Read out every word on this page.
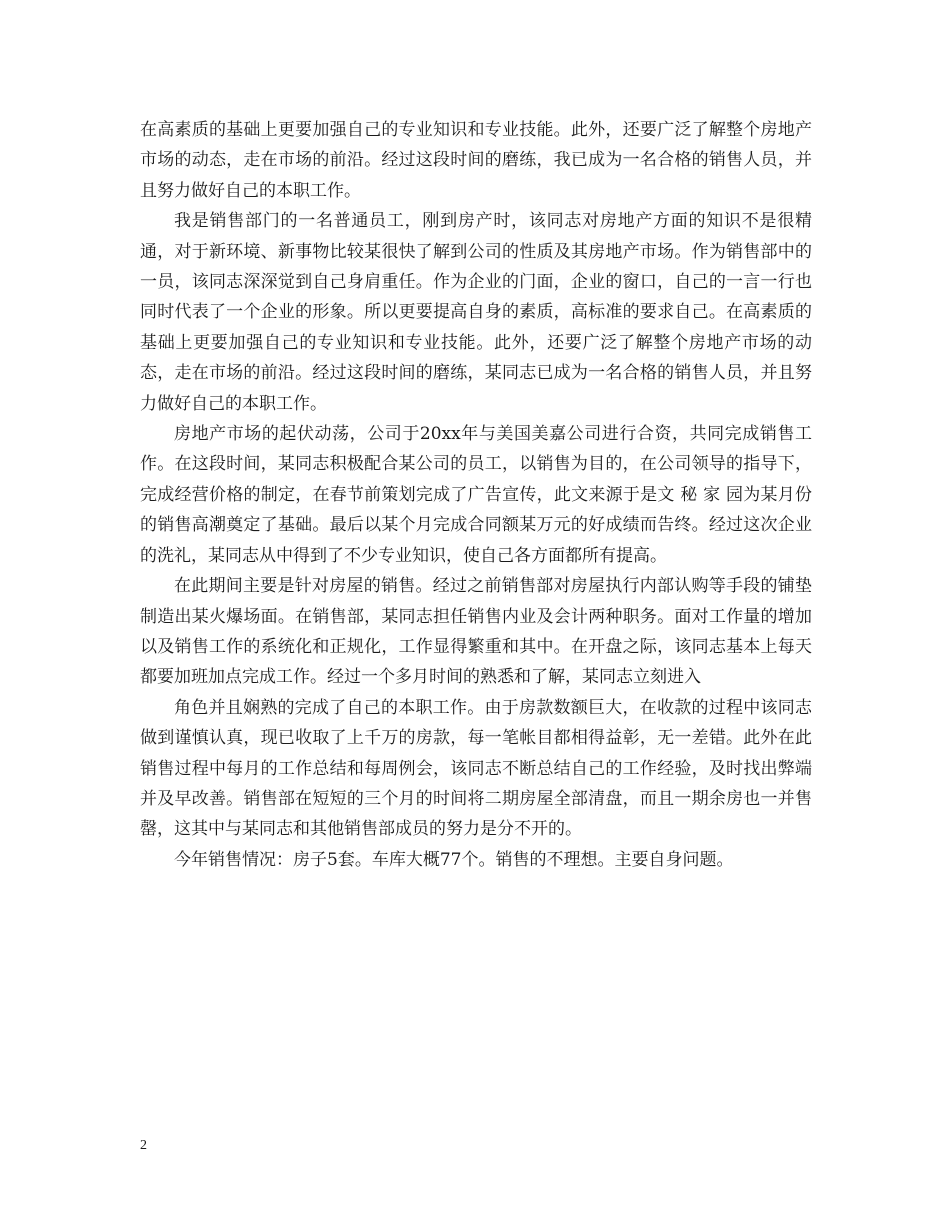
在高素质的基础上更要加强自己的专业知识和专业技能。此外，还要广泛了解整个房地产市场的动态，走在市场的前沿。经过这段时间的磨练，我已成为一名合格的销售人员，并且努力做好自己的本职工作。

我是销售部门的一名普通员工，刚到房产时，该同志对房地产方面的知识不是很精通，对于新环境、新事物比较某很快了解到公司的性质及其房地产市场。作为销售部中的一员，该同志深深觉到自己身肩重任。作为企业的门面，企业的窗口，自己的一言一行也同时代表了一个企业的形象。所以更要提高自身的素质，高标准的要求自己。在高素质的基础上更要加强自己的专业知识和专业技能。此外，还要广泛了解整个房地产市场的动态，走在市场的前沿。经过这段时间的磨练，某同志已成为一名合格的销售人员，并且努力做好自己的本职工作。

房地产市场的起伏动荡，公司于20xx年与美国美嘉公司进行合资，共同完成销售工作。在这段时间，某同志积极配合某公司的员工，以销售为目的，在公司领导的指导下，完成经营价格的制定，在春节前策划完成了广告宣传，此文来源于是文 秘 家 园为某月份的销售高潮奠定了基础。最后以某个月完成合同额某万元的好成绩而告终。经过这次企业的洗礼，某同志从中得到了不少专业知识，使自己各方面都所有提高。

在此期间主要是针对房屋的销售。经过之前销售部对房屋执行内部认购等手段的铺垫制造出某火爆场面。在销售部，某同志担任销售内业及会计两种职务。面对工作量的增加以及销售工作的系统化和正规化，工作显得繁重和其中。在开盘之际，该同志基本上每天都要加班加点完成工作。经过一个多月时间的熟悉和了解，某同志立刻进入

角色并且娴熟的完成了自己的本职工作。由于房款数额巨大，在收款的过程中该同志做到谨慎认真，现已收取了上千万的房款，每一笔帐目都相得益彰，无一差错。此外在此销售过程中每月的工作总结和每周例会，该同志不断总结自己的工作经验，及时找出弊端并及早改善。销售部在短短的三个月的时间将二期房屋全部清盘，而且一期余房也一并售罄，这其中与某同志和其他销售部成员的努力是分不开的。

今年销售情况：房子5套。车库大概77个。销售的不理想。主要自身问题。

2
